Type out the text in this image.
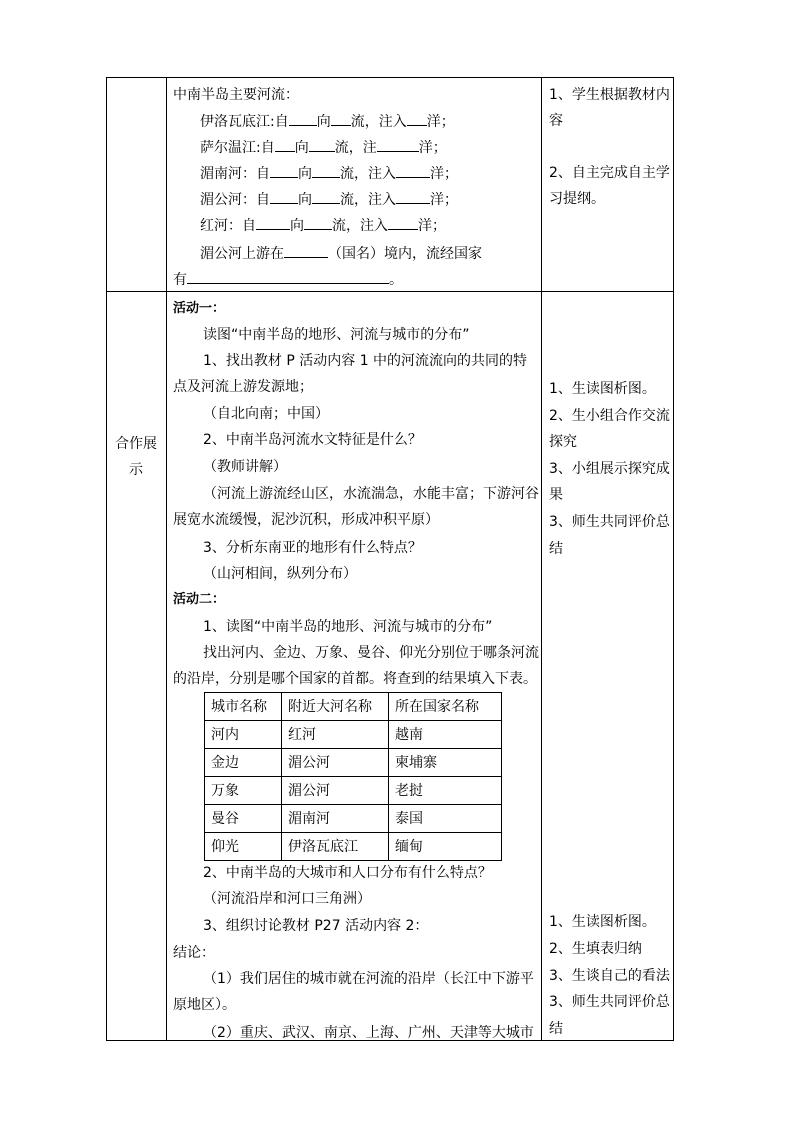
中南半岛主要河流：
伊洛瓦底江:自 向 流，注入 洋；
萨尔温江:自 向 流，注	洋；
湄南河：自 向 流，注入 洋；
湄公河：自 向 流，注入 洋；
红河：自 向 流，注入 洋；
湄公河上游在	（国名）境内，流经国家
有	。
1、学生根据教材内
容
2、自主完成自主学
习提纲。
合作展
示
活动一：
读图“中南半岛的地形、河流与城市的分布”
1、找出教材 P 活动内容 1 中的河流流向的共同的特
点及河流上游发源地；
（自北向南；中国）
2、中南半岛河流水文特征是什么？
（教师讲解）
（河流上游流经山区，水流湍急，水能丰富；下游河谷
展宽水流缓慢，泥沙沉积，形成冲积平原）
3、分析东南亚的地形有什么特点？
（山河相间，纵列分布）
活动二：
1、读图“中南半岛的地形、河流与城市的分布”
找出河内、金边、万象、曼谷、仰光分别位于哪条河流
的沿岸，分别是哪个国家的首都。将查到的结果填入下表。
城市名称	附近大河名称	所在国家名称
河内	红河	越南
金边	湄公河	柬埔寨
万象	湄公河	老挝
曼谷	湄南河	泰国
仰光	伊洛瓦底江	缅甸
2、中南半岛的大城市和人口分布有什么特点？
（河流沿岸和河口三角洲）
3、组织讨论教材 P27 活动内容 2：
结论：
（1）我们居住的城市就在河流的沿岸（长江中下游平
原地区）。
（2）重庆、武汉、南京、上海、广州、天津等大城市
1、生读图析图。
2、生小组合作交流
探究
3、小组展示探究成
果
3、师生共同评价总
结
1、生读图析图。
2、生填表归纳
3、生谈自己的看法
3、师生共同评价总
结
